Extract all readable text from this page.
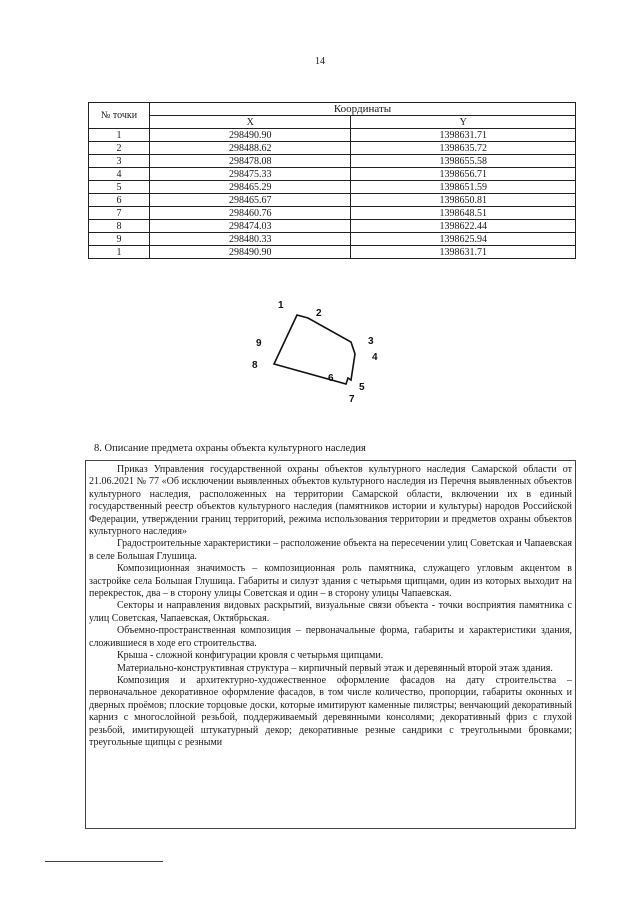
14
№ точки	Координаты	
	X	Y
1	298490.90	1398631.71
2	298488.62	1398635.72
3	298478.08	1398655.58
4	298475.33	1398656.71
5	298465.29	1398651.59
6	298465.67	1398650.81
7	298460.76	1398648.51
8	298474.03	1398622.44
9	298480.33	1398625.94
1	298490.90	1398631.71
1
2
3
4
5
6
7
8
9
8. Описание предмета охраны объекта культурного наследия

Приказ Управления государственной охраны объектов культурного наследия Самарской области от 21.06.2021 № 77 «Об исключении выявленных объектов культурного наследия из Перечня выявленных объектов культурного наследия, расположенных на территории Самарской области, включении их в единый государственный реестр объектов культурного наследия (памятников истории и культуры) народов Российской Федерации, утверждении границ территорий, режима использования территории и предметов охраны объектов культурного наследия»

Градостроительные характеристики – расположение объекта на пересечении улиц Советская и Чапаевская в селе Большая Глушица.

Композиционная значимость – композиционная роль памятника, служащего угловым акцентом в застройке села Большая Глушица. Габариты и силуэт здания с четырьмя щипцами, один из которых выходит на перекресток, два – в сторону улицы Советская и один – в сторону улицы Чапаевская.

Секторы и направления видовых раскрытий, визуальные связи объекта - точки восприятия памятника с улиц Советская, Чапаевская, Октябрьская.

Объемно-пространственная композиция – первоначальные форма, габариты и характеристики здания, сложившиеся в ходе его строительства.

Крыша - сложной конфигурации кровля с четырьмя щипцами.

Материально-конструктивная структура – кирпичный первый этаж и деревянный второй этаж здания.

Композиция и архитектурно-художественное оформление фасадов на дату строительства – первоначальное декоративное оформление фасадов, в том числе количество, пропорции, габариты оконных и дверных проёмов; плоские торцовые доски, которые имитируют каменные пилястры; венчающий декоративный карниз с многослойной резьбой, поддерживаемый деревянными консолями; декоративный фриз с глухой резьбой, имитирующей штукатурный декор; декоративные резные сандрики с треугольными бровками; треугольные щипцы с резными
